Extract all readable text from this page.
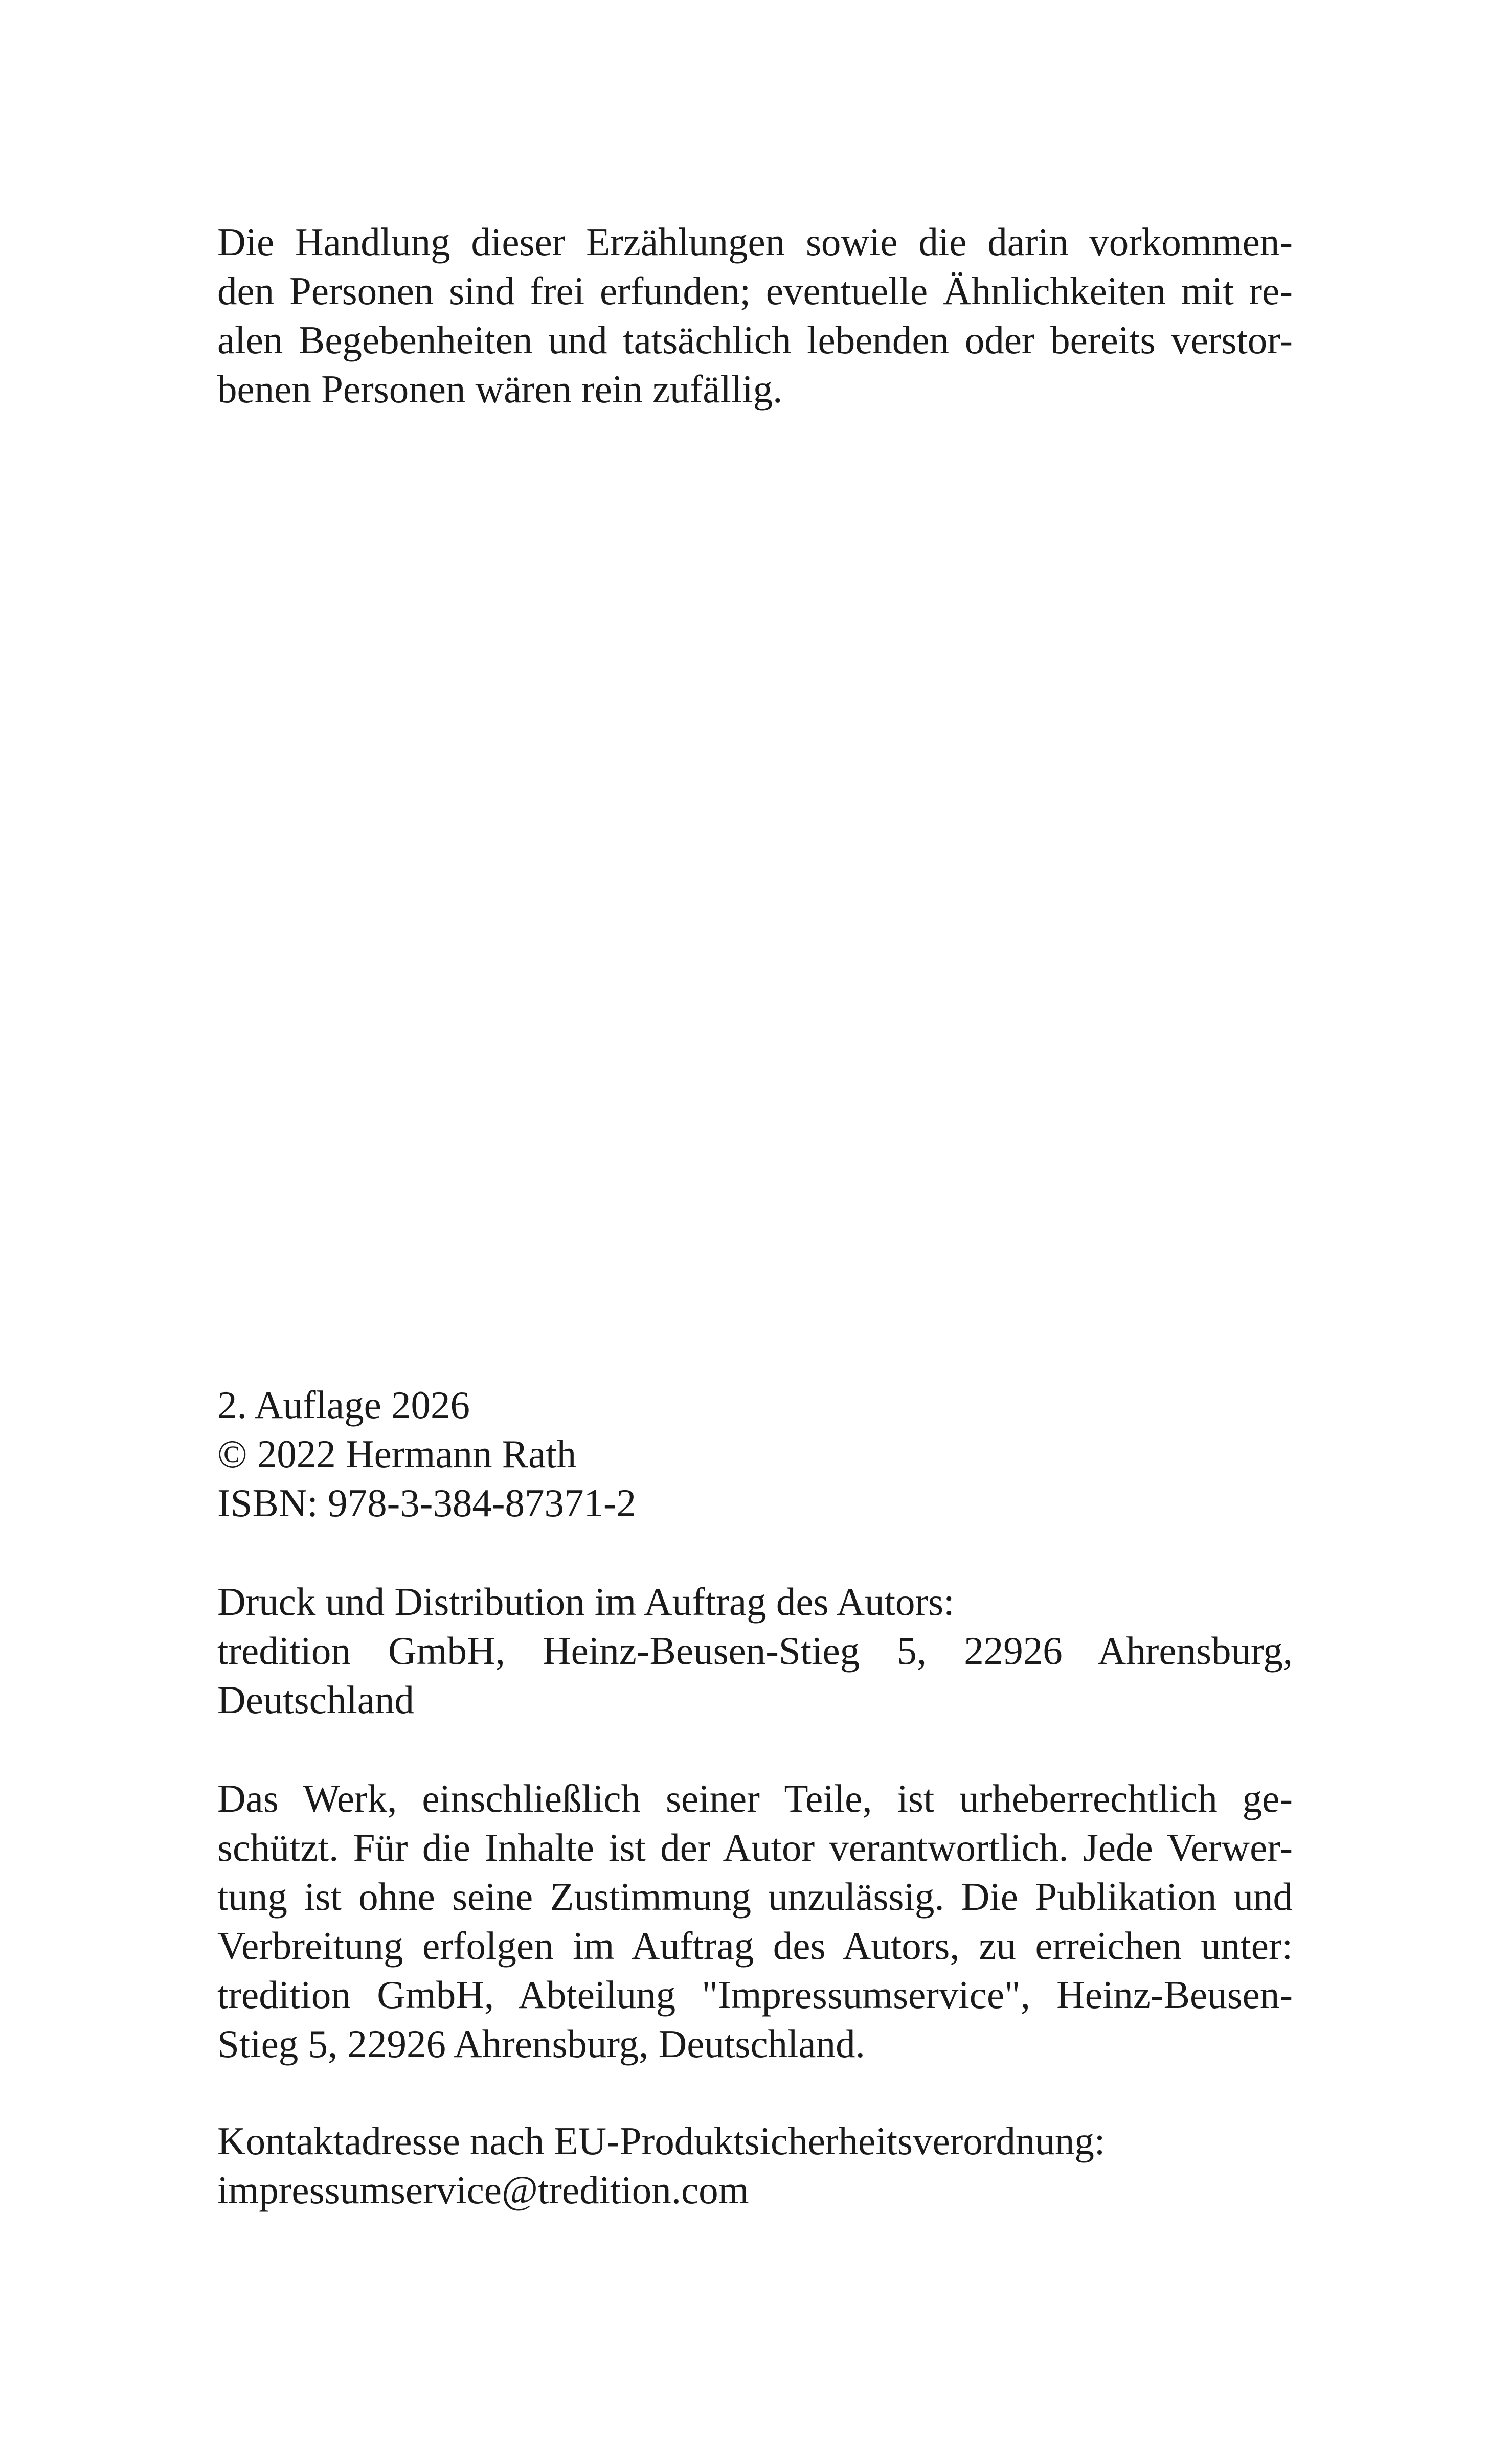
Die Handlung dieser Erzählungen sowie die darin vorkommen-
den Personen sind frei erfunden; eventuelle Ähnlichkeiten mit re-
alen Begebenheiten und tatsächlich lebenden oder bereits verstor-
benen Personen wären rein zufällig.
2. Auflage 2026
© 2022 Hermann Rath
ISBN: 978-3-384-87371-2
Druck und Distribution im Auftrag des Autors:
tredition GmbH, Heinz-Beusen-Stieg 5, 22926 Ahrensburg,
Deutschland
Das Werk, einschließlich seiner Teile, ist urheberrechtlich ge-
schützt. Für die Inhalte ist der Autor verantwortlich. Jede Verwer-
tung ist ohne seine Zustimmung unzulässig. Die Publikation und
Verbreitung erfolgen im Auftrag des Autors, zu erreichen unter:
tredition GmbH, Abteilung "Impressumservice", Heinz-Beusen-
Stieg 5, 22926 Ahrensburg, Deutschland.
Kontaktadresse nach EU-Produktsicherheitsverordnung:
impressumservice@tredition.com
